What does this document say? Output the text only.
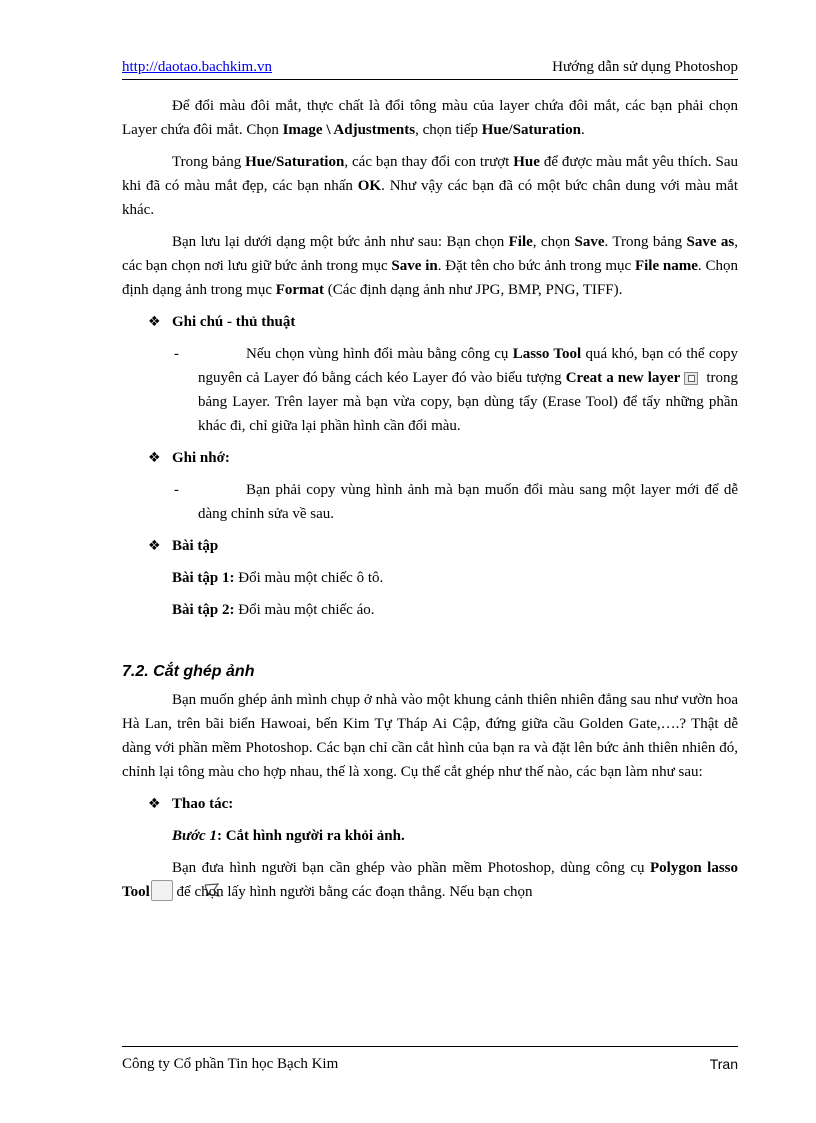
http://daotao.bachkim.vn	Hướng dẫn sử dụng Photoshop

Để đổi màu đôi mắt, thực chất là đổi tông màu của layer chứa đôi mắt, các bạn phải chọn Layer chứa đôi mắt. Chọn Image \ Adjustments, chọn tiếp Hue/Saturation.

Trong bảng Hue/Saturation, các bạn thay đổi con trượt Hue để được màu mắt yêu thích. Sau khi đã có màu mắt đẹp, các bạn nhấn OK. Như vậy các bạn đã có một bức chân dung với màu mắt khác.

Bạn lưu lại dưới dạng một bức ảnh như sau: Bạn chọn File, chọn Save. Trong bảng Save as, các bạn chọn nơi lưu giữ bức ảnh trong mục Save in. Đặt tên cho bức ảnh trong mục File name. Chọn định dạng ảnh trong mục Format (Các định dạng ảnh như JPG, BMP, PNG, TIFF).

❖ Ghi chú - thủ thuật

-	Nếu chọn vùng hình đổi màu bằng công cụ Lasso Tool quá khó, bạn có thể copy nguyên cả Layer đó bằng cách kéo Layer đó vào biểu tượng Creat a new layer trong bảng Layer. Trên layer mà bạn vừa copy, bạn dùng tẩy (Erase Tool) để tẩy những phần khác đi, chỉ giữa lại phần hình cần đổi màu.

❖ Ghi nhớ:

-	Bạn phải copy vùng hình ảnh mà bạn muốn đổi màu sang một layer mới để dễ dàng chỉnh sửa về sau.

❖ Bài tập

Bài tập 1: Đổi màu một chiếc ô tô.

Bài tập 2: Đổi màu một chiếc áo.

7.2. Cắt ghép ảnh

Bạn muốn ghép ảnh mình chụp ở nhà vào một khung cảnh thiên nhiên đẳng sau như vườn hoa Hà Lan, trên bãi biển Hawoai, bến Kim Tự Tháp Ai Cập, đứng giữa cầu Golden Gate,….? Thật dễ dàng với phần mềm Photoshop. Các bạn chỉ cần cắt hình của bạn ra và đặt lên bức ảnh thiên nhiên đó, chỉnh lại tông màu cho hợp nhau, thế là xong. Cụ thể cắt ghép như thế nào, các bạn làm như sau:

❖ Thao tác:

Bước 1: Cắt hình người ra khỏi ảnh.

Bạn đưa hình người bạn cần ghép vào phần mềm Photoshop, dùng công cụ Polygon lasso Tool để chọn lấy hình người bằng các đoạn thẳng. Nếu bạn chọn

Công ty Cổ phần Tin học Bạch Kim	Tran
